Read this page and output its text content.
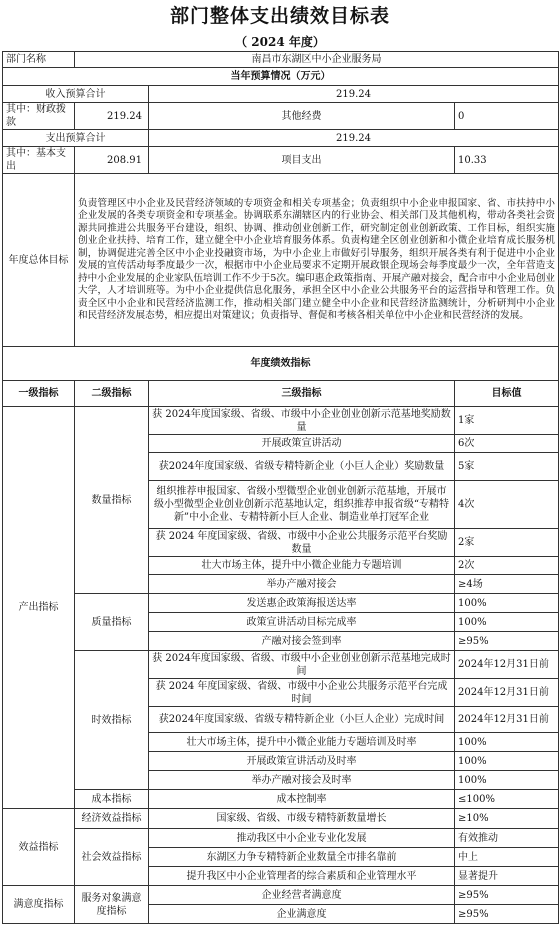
部门整体支出绩效目标表
（ 2024 年度）
部门名称	南昌市东湖区中小企业服务局		
当年预算情况（万元）			
收入预算合计		219.24	
其中：财政拨款	219.24	其他经费	0
支出预算合计		219.24	
其中：基本支出	208.91	项目支出	10.33
年度总体目标	负责管理区中小企业及民营经济领域的专项资金和相关专项基金；负责组织中小企业申报国家、省、市扶持中小企业发展的各类专项资金和专项基金。协调联系东湖辖区内的行业协会、相关部门及其他机构，带动各类社会资源共同推进公共服务平台建设，组织、协调、推动创业创新工作，研究制定创业创新政策、工作目标，组织实施创业企业扶持、培育工作，建立健全中小企业培育服务体系。负责构建全区创业创新和小微企业培育成长服务机制，协调促进完善全区中小企业投融资市场，为中小企业上市做好引导服务，组织开展各类有利于促进中小企业发展的宣传活动每季度最少一次，根据市中小企业局要求不定期开展政银企现场会每季度最少一次，全年营造支持中小企业发展的企业家队伍培训工作不少于5次。编印惠企政策指南、开展产融对接会，配合市中小企业局创业大学，人才培训班等。为中小企业提供信息化服务，承担全区中小企业公共服务平台的运营指导和管理工作。负责全区中小企业和民营经济监测工作，推动相关部门建立健全中小企业和民营经济监测统计，分析研判中小企业和民营经济发展态势，相应提出对策建议；负责指导、督促和考核各相关单位中小企业和民营经济的发展。		
年度绩效指标			
一级指标	二级指标	三级指标	目标值
产出指标	数量指标	获 2024年度国家级、省级、市级中小企业创业创新示范基地奖励数量	1家
		开展政策宣讲活动	6次
		获2024年度国家级、省级专精特新企业（小巨人企业）奖励数量	5家
		组织推荐申报国家、省级小型微型企业创业创新示范基地，开展市级小型微型企业创业创新示范基地认定，组织推荐申报省级“专精特新”中小企业、专精特新小巨人企业、制造业单打冠军企业	4次
		获 2024 年度国家级、省级、市级中小企业公共服务示范平台奖励数量	2家
		壮大市场主体，提升中小微企业能力专题培训	2次
		举办产融对接会	≥4场
	质量指标	发送惠企政策海报送达率	100%
		政策宣讲活动目标完成率	100%
		产融对接会签到率	≥95%
	时效指标	获 2024年度国家级、省级、市级中小企业创业创新示范基地完成时间	2024年12月31日前
		获 2024 年度国家级、省级、市级中小企业公共服务示范平台完成时间	2024年12月31日前
		获2024年度国家级、省级专精特新企业（小巨人企业）完成时间	2024年12月31日前
		壮大市场主体，提升中小微企业能力专题培训及时率	100%
		开展政策宣讲活动及时率	100%
		举办产融对接会及时率	100%
	成本指标	成本控制率	≤100%
效益指标	经济效益指标	国家级、省级、市级专精特新数量增长	≥10%
	社会效益指标	推动我区中小企业专业化发展	有效推动
		东湖区力争专精特新企业数量全市排名靠前	中上
		提升我区中小企业管理者的综合素质和企业管理水平	显著提升
满意度指标	服务对象满意度指标	企业经营者满意度	≥95%
		企业满意度	≥95%
